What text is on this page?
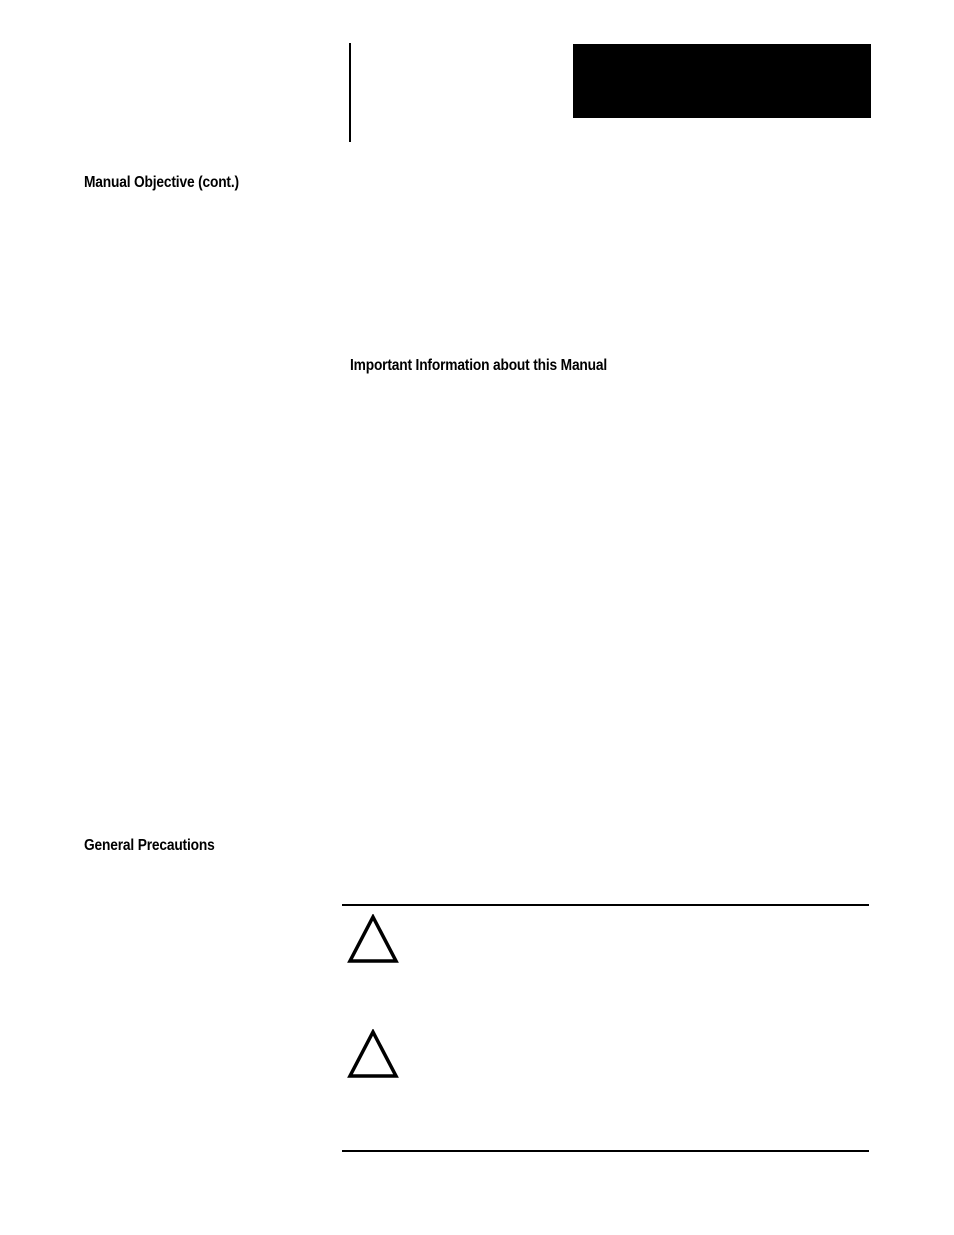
Manual Objective (cont.)
Important Information about this Manual
General Precautions
